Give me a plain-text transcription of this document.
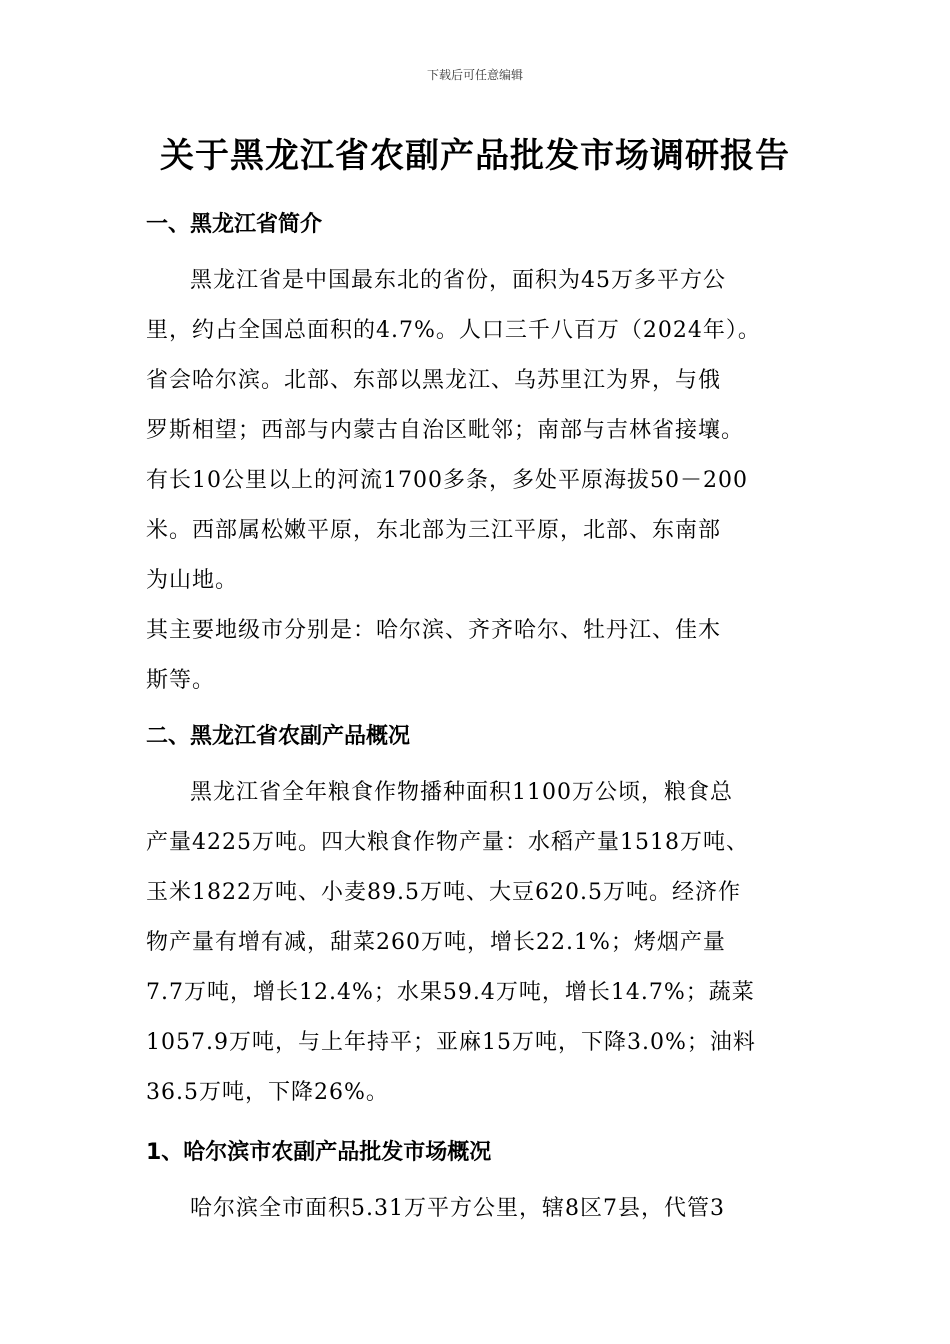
下载后可任意编辑
关于黑龙江省农副产品批发市场调研报告
一、黑龙江省简介
黑龙江省是中国最东北的省份，面积为45万多平方公
里，约占全国总面积的4.7%。人口三千八百万（2024年）。
省会哈尔滨。北部、东部以黑龙江、乌苏里江为界，与俄
罗斯相望；西部与内蒙古自治区毗邻；南部与吉林省接壤。
有长10公里以上的河流1700多条，多处平原海拔50－200
米。西部属松嫩平原，东北部为三江平原，北部、东南部
为山地。
其主要地级市分别是：哈尔滨、齐齐哈尔、牡丹江、佳木
斯等。
二、黑龙江省农副产品概况
黑龙江省全年粮食作物播种面积1100万公顷，粮食总
产量4225万吨。四大粮食作物产量：水稻产量1518万吨、
玉米1822万吨、小麦89.5万吨、大豆620.5万吨。经济作
物产量有增有减，甜菜260万吨，增长22.1%；烤烟产量
7.7万吨，增长12.4%；水果59.4万吨，增长14.7%；蔬菜
1057.9万吨，与上年持平；亚麻15万吨，下降3.0%；油料
36.5万吨，下降26%。
1、哈尔滨市农副产品批发市场概况
哈尔滨全市面积5.31万平方公里，辖8区7县，代管3
